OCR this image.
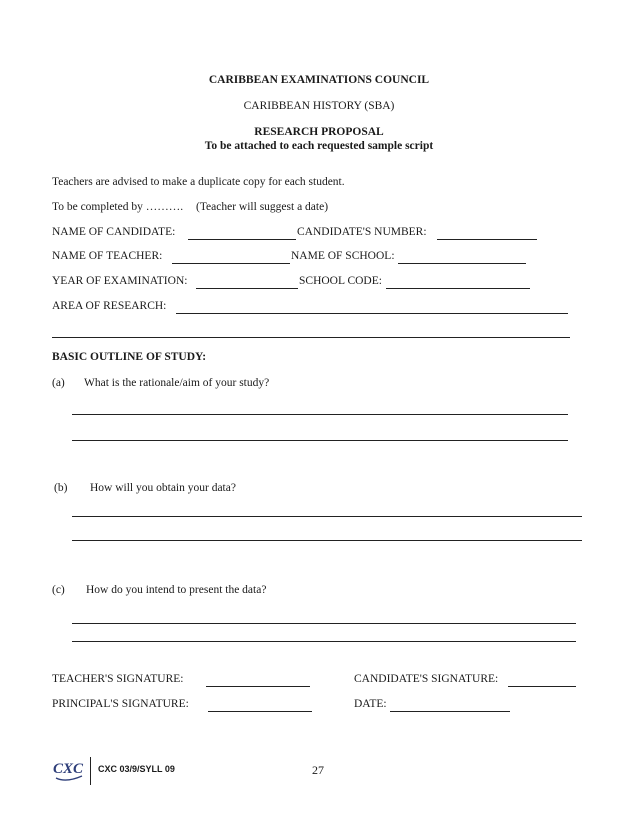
CARIBBEAN EXAMINATIONS COUNCIL
CARIBBEAN HISTORY (SBA)
RESEARCH PROPOSAL
To be attached to each requested sample script
Teachers are advised to make a duplicate copy for each student.
To be completed by ………. (Teacher will suggest a date)
NAME OF CANDIDATE:	CANDIDATE'S NUMBER:
NAME OF TEACHER:	NAME OF SCHOOL:
YEAR OF EXAMINATION:	SCHOOL CODE:
AREA OF RESEARCH:
BASIC OUTLINE OF STUDY:
(a) What is the rationale/aim of your study?
(b) How will you obtain your data?
(c) How do you intend to present the data?
TEACHER'S SIGNATURE:	CANDIDATE'S SIGNATURE:
PRINCIPAL'S SIGNATURE:	DATE:
CXC CXC 03/9/SYLL 09	27
